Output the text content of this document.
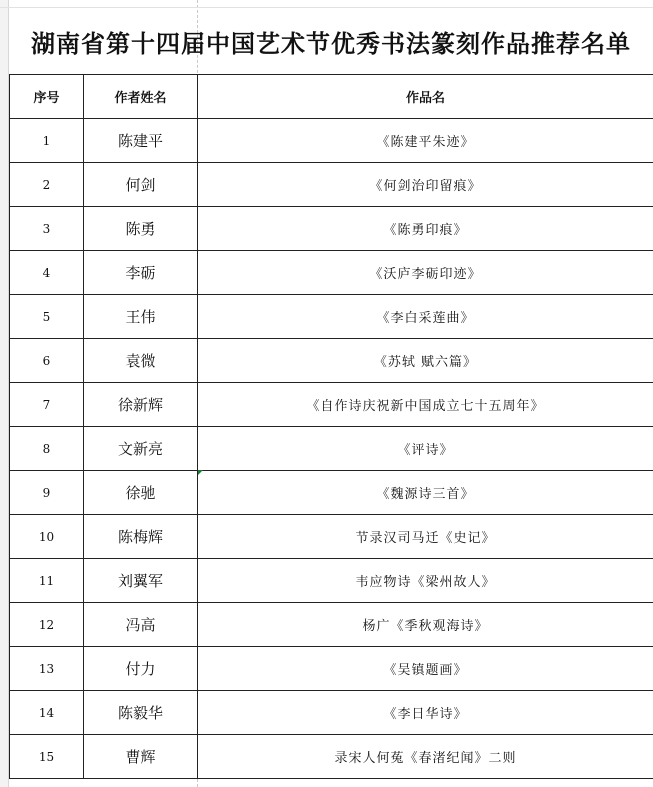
湖南省第十四届中国艺术节优秀书法篆刻作品推荐名单
序号	作者姓名	作品名
1	陈建平	《陈建平朱迹》
2	何剑	《何剑治印留痕》
3	陈勇	《陈勇印痕》
4	李砺	《沃庐李砺印迹》
5	王伟	《李白采莲曲》
6	袁微	《苏轼 赋六篇》
7	徐新辉	《自作诗庆祝新中国成立七十五周年》
8	文新亮	《评诗》
9	徐驰	《魏源诗三首》
10	陈梅辉	节录汉司马迁《史记》
11	刘翼军	韦应物诗《梁州故人》
12	冯高	杨广《季秋观海诗》
13	付力	《吴镇题画》
14	陈毅华	《李日华诗》
15	曹辉	录宋人何菟《春渚纪闻》二则
